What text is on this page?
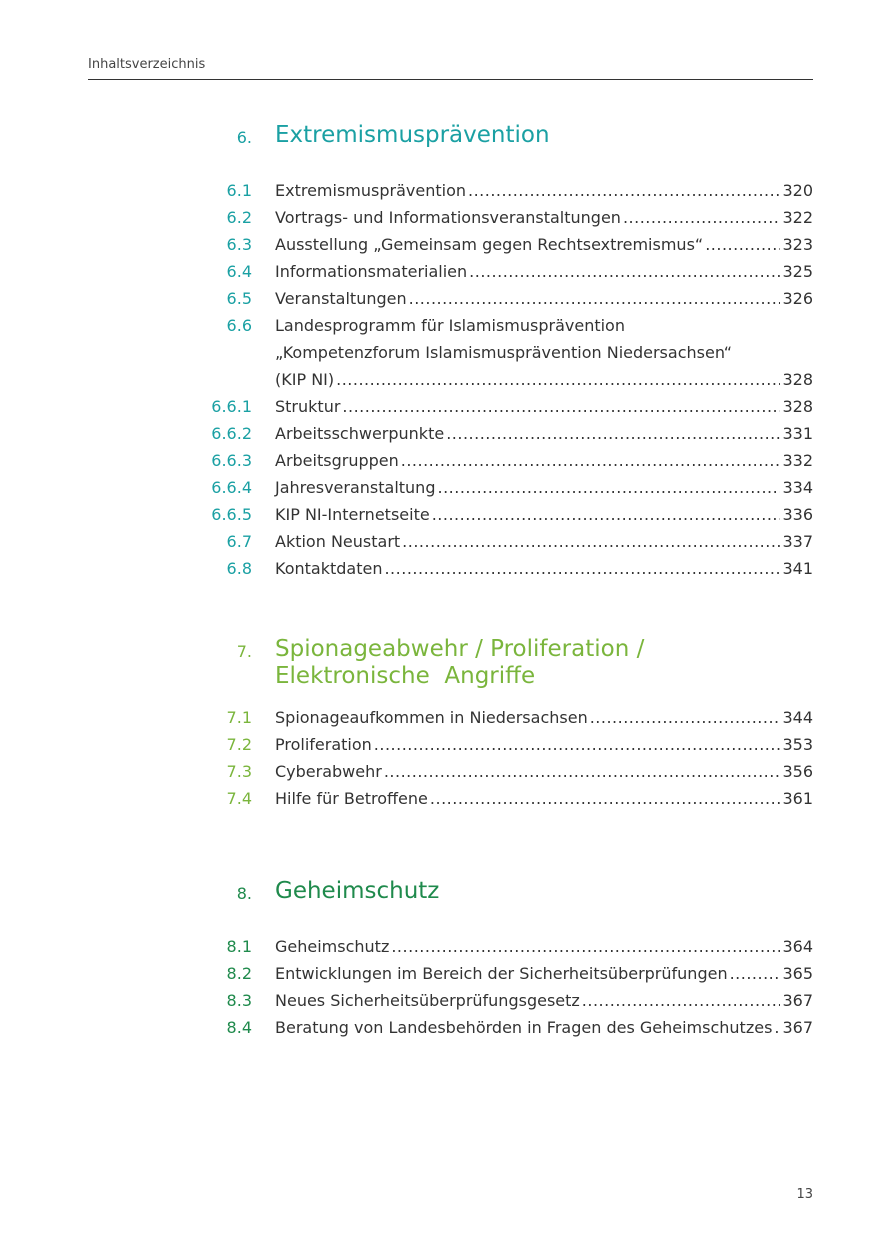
Inhaltsverzeichnis
6. Extremismusprävention
6.1 Extremismusprävention .....	320
6.2 Vortrags- und Informationsveranstaltungen .....	322
6.3 Ausstellung „Gemeinsam gegen Rechtsextremismus“ .....	323
6.4 Informationsmaterialien .....	325
6.5 Veranstaltungen .....	326
6.6 Landesprogramm für Islamismusprävention
„Kompetenzforum Islamismusprävention Niedersachsen“
(KIP NI) .....	328
6.6.1 Struktur .....	328
6.6.2 Arbeitsschwerpunkte .....	331
6.6.3 Arbeitsgruppen .....	332
6.6.4 Jahresveranstaltung .....	334
6.6.5 KIP NI-Internetseite .....	336
6.7 Aktion Neustart .....	337
6.8 Kontaktdaten .....	341
7. Spionageabwehr / Proliferation /
Elektronische  Angriffe
7.1 Spionageaufkommen in Niedersachsen .....	344
7.2 Proliferation .....	353
7.3 Cyberabwehr .....	356
7.4 Hilfe für Betroffene .....	361
8. Geheimschutz
8.1 Geheimschutz .....	364
8.2 Entwicklungen im Bereich der Sicherheitsüberprüfungen .....	365
8.3 Neues Sicherheitsüberprüfungsgesetz .....	367
8.4 Beratung von Landesbehörden in Fragen des Geheimschutzes ..... 367
13
